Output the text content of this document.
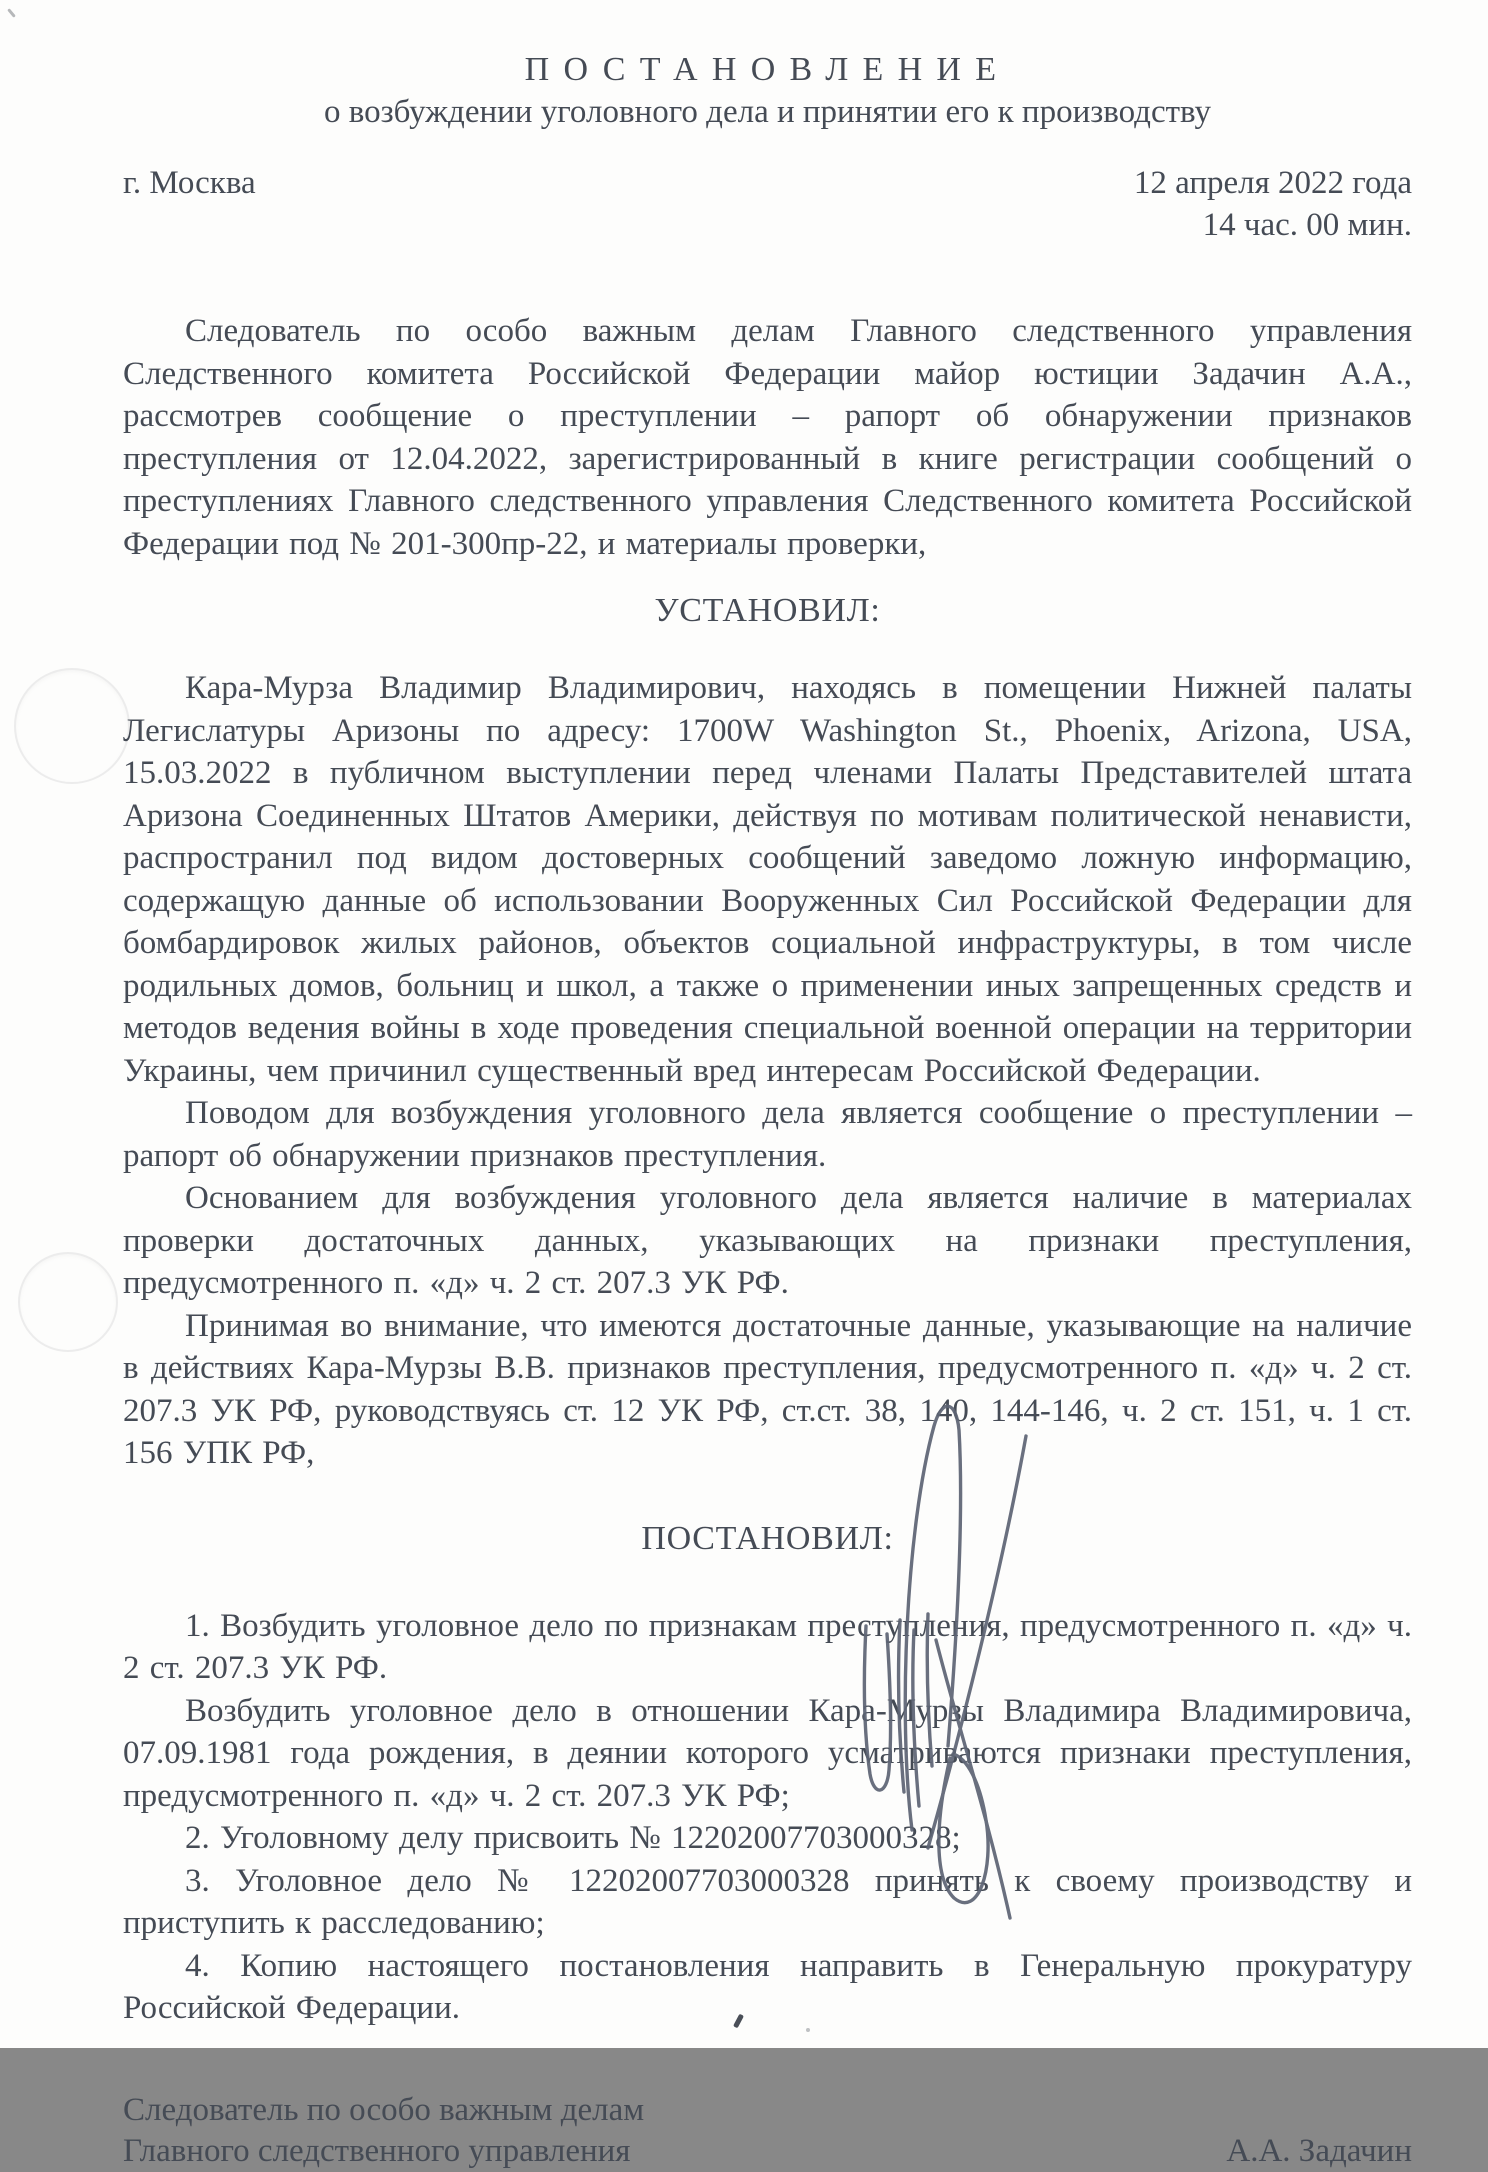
ПОСТАНОВЛЕНИЕ
о возбуждении уголовного дела и принятии его к производству
г. Москва	12 апреля 2022 года
14 час. 00 мин.

Следователь по особо важным делам Главного следственного управления Следственного комитета Российской Федерации майор юстиции Задачин А.А., рассмотрев сообщение о преступлении – рапорт об обнаружении признаков преступления от 12.04.2022, зарегистрированный в книге регистрации сообщений о преступлениях Главного следственного управления Следственного комитета Российской Федерации под № 201-300пр-22, и материалы проверки,

УСТАНОВИЛ:

Кара-Мурза Владимир Владимирович, находясь в помещении Нижней палаты Легислатуры Аризоны по адресу: 1700W Washington St., Phoenix, Arizona, USA, 15.03.2022 в публичном выступлении перед членами Палаты Представителей штата Аризона Соединенных Штатов Америки, действуя по мотивам политической ненависти, распространил под видом достоверных сообщений заведомо ложную информацию, содержащую данные об использовании Вооруженных Сил Российской Федерации для бомбардировок жилых районов, объектов социальной инфраструктуры, в том числе родильных домов, больниц и школ, а также о применении иных запрещенных средств и методов ведения войны в ходе проведения специальной военной операции на территории Украины, чем причинил существенный вред интересам Российской Федерации.

Поводом для возбуждения уголовного дела является сообщение о преступлении – рапорт об обнаружении признаков преступления.

Основанием для возбуждения уголовного дела является наличие в материалах проверки достаточных данных, указывающих на признаки преступления, предусмотренного п. «д» ч. 2 ст. 207.3 УК РФ.

Принимая во внимание, что имеются достаточные данные, указывающие на наличие в действиях Кара-Мурзы В.В. признаков преступления, предусмотренного п. «д» ч. 2 ст. 207.3 УК РФ, руководствуясь ст. 12 УК РФ, ст.ст. 38, 140, 144-146, ч. 2 ст. 151, ч. 1 ст. 156 УПК РФ,

ПОСТАНОВИЛ:

1. Возбудить уголовное дело по признакам преступления, предусмотренного п. «д» ч. 2 ст. 207.3 УК РФ.

Возбудить уголовное дело в отношении Кара-Мурзы Владимира Владимировича, 07.09.1981 года рождения, в деянии которого усматриваются признаки преступления, предусмотренного п. «д» ч. 2 ст. 207.3 УК РФ;

2. Уголовному делу присвоить № 12202007703000328;

3. Уголовное дело № 12202007703000328 принять к своему производству и приступить к расследованию;

4. Копию настоящего постановления направить в Генеральную прокуратуру Российской Федерации.

Следователь по особо важным делам
Главного следственного управления	А.А. Задачин
